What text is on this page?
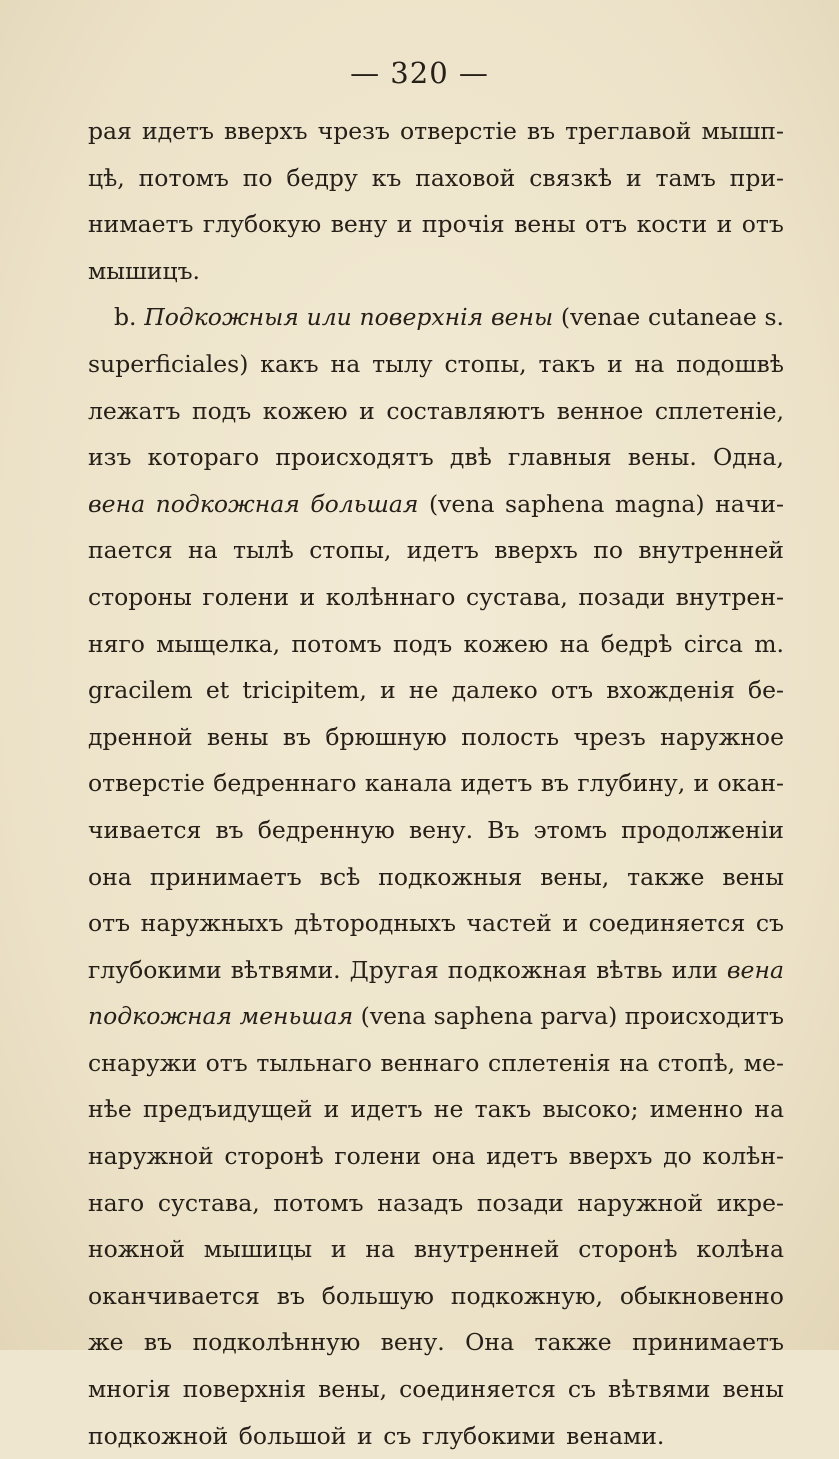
— 320 —
рая идетъ вверхъ чрезъ отверстіе въ треглавой мышп-
цѣ, потомъ по бедру къ паховой связкѣ и тамъ при-
нимаетъ глубокую вену и прочія вены отъ кости и отъ
мышицъ.
b. Подкожныя или поверхнія вены (venae cutaneae s.
superficiales) какъ на тылу стопы, такъ и на подошвѣ
лежатъ подъ кожею и составляютъ венное сплетеніе,
изъ котораго происходятъ двѣ главныя вены. Одна,
вена подкожная большая (vena saphena magna) начи-
пается на тылѣ стопы, идетъ вверхъ по внутренней
стороны голени и колѣннаго сустава, позади внутрен-
няго мыщелка, потомъ подъ кожею на бедрѣ circa m.
gracilem et tricipitem, и не далеко отъ вхожденія бе-
дренной вены въ брюшную полость чрезъ наружное
отверстіе бедреннаго канала идетъ въ глубину, и окан-
чивается въ бедренную вену. Въ этомъ продолженіи
она принимаетъ всѣ подкожныя вены, также вены
отъ наружныхъ дѣтородныхъ частей и соединяется съ
глубокими вѣтвями. Другая подкожная вѣтвь или вена
подкожная меньшая (vena saphena parva) происходитъ
снаружи отъ тыльнаго веннаго сплетенія на стопѣ, ме-
нѣе предъидущей и идетъ не такъ высоко; именно на
наружной сторонѣ голени она идетъ вверхъ до колѣн-
наго сустава, потомъ назадъ позади наружной икре-
ножной мышицы и на внутренней сторонѣ колѣна
оканчивается въ большую подкожную, обыкновенно
же въ подколѣнную вену. Она также принимаетъ
многія поверхнія вены, соединяется съ вѣтвями вены
подкожной большой и съ глубокими венами.
